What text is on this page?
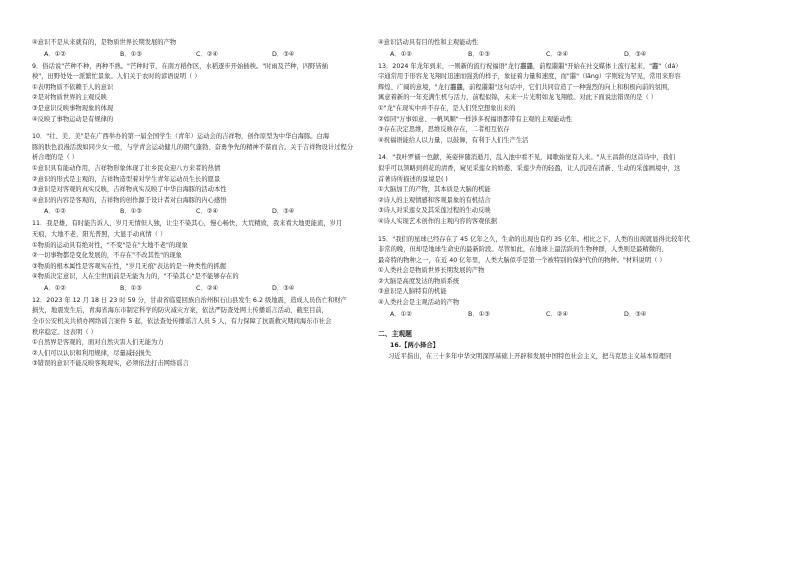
④意识不是从来就有的，是物质世界长期发展的产物
A．①②	B．①③	C．②④	D．③④
9．俗话说"芒种不种，再种不熟。"芒种时节，在南方稻作区，水稻逐步开始插秧。"时雨及芒种，四野皆插
秧"，田野处处一派繁忙景象。人们关于农时的谚语说明（ ）
①表明物质不依赖于人的意识
②是对物质世界的主观反映
③是意识反映事物现象的体现
④反映了事物运动是有规律的
10．"壮、美、美"是在广西举办的第一届全国学生（青年）运动会的吉祥物，创作原型为中华白海豚。白海
豚的肤色浪漫活泼如同少女一般，与学青会运动健儿的朝气蓬勃、奋勇争先的精神不谋而合。关于吉祥物设计过程分
析合理的是（ ）
①意识具有能动作用，吉祥物形象体现了壮乡民众迎八方来者的热情
②意识的形式是主观的，吉祥物造型着对学生青年运动员生长的愿景
③意识是对客观的真实反映，吉祥物真实反映了中华白海豚的活动本性
④意识的内容是客观的，吉祥物的创作源于设计者对白海豚的内心感悟
A．①②	B．①③	C．②④	D．③④
11．我是雄，有时能告诉人，岁月无情但人独，让尘不染其心，慢心畅快，大荒精致，我来看大地更能流，岁月
无痕，大地不老，阳光普照，大显手动真情（ ）
①物质的运动具有绝对性，"不变"是在"大地不老"的现象
②一切事物都是变化发展的，不存在"不改其性"的现象
③物质的根本属性是客观实在性，"岁月无痕"表达的是一种类性的抓握
④物质决定意识，人在尘世面前是无能为力的，"不染其心"是不能够存在的
A．①②	B．①③	C．②④	D．③④
12．2023 年 12 月 18 日 23 时 59 分，甘肃省临夏回族自治州积石山县发生 6.2 级地震，造成人员伤亡和财产
损失，地震发生后，青海省海东市制定科学的防灾减灾方案，依法严防查处网上传播谣言活动，截至目前，
全市公安机关共侦办网络谣言案件 5 起，依法查处传播谣言人员 5 人，有力保障了抗震救灾期间海东市社会
秩序稳定。这表明（ ）
①自然界是客观的，面对自然灾害人们无能为力
②人们可以认识和利用规律，尽量减轻损失
③错误的意识不能反映客观现实，必须依法打击网络谣言
④意识活动具有目的性和主观能动性
A．①②	B．①③	C．②④	D．③④
13．2024 年龙年到来，一则新的流行祝福语"龙行龘龘，前程朤朤"开始在社交媒体上流行起来，"龘"（dá）
字通常用于形容龙飞翔时迅速而强劲的样子，象征着力量和速度，而"朤"（lǎng）字则较为罕见，常用来形容
辉煌、广阔的意境，"龙行龘龘，前程朤朤"这句话中，它们共同营造了一种强烈的向上和积极向前的氛围，
寓意着新的一年充满生机与活力，前程似锦，未来一片光明如龙飞翔般。对此下面说法错误的是（ ）
①"龙"在现实中并不存在，是人们凭空想象出来的
②如同"万事如意、一帆风顺"一样涉多祝福语都带有主观的主观能动性
③存在决定思维，思维反映存在，二者相互依存
④祝福语能给人以力量，以鼓舞，有利于人们生产生活
14．"我叶罗襦一色献，英姿伴随消逝月，乱入池中看不见，闻歌始觉有人来。"从王昌龄的这首诗中，我们
似乎可以领略到荷花的清香，窥见采莲女的娇憨、采莲少舟的轻盈，让人沉浸在清新、生动的采莲画境中，这
首著诗所描述的景境是( )
①大脑加工的产物，其本质是大脑的机能
②诗人的主观情感和客观景象的有机结合
③诗人对采莲女及其采莲过程的生动反映
④诗人实现艺术创作的主观内容的客观依据
15．"我们的星球已经存在了 45 亿年之久，生命的出现也有约 35 亿年。相比之下，人类的出现就显得比较年代
非常的晚，但却是地球生命史的最新阶段。尽管如此，在地球上最活跃的生物种群，人类则是最精微的、
最奇特的物种之一，在近 40 亿年里，人类大脑似乎是第一个被特别的保护代价的物种。"材料说明（ ）
①人类社会是物质世界长期发展的产物
②大脑是高度发达的物质系统
③意识是人脑特有的机能
④人类社会是主观活动的产物
A．①②	B．①③	C．②④	D．③④
二、主观题
16.【两小择合】
习近平指出，在三十多年中华文明深厚基础上开辟和发展中国特色社会主义，把马克思主义基本原理同
